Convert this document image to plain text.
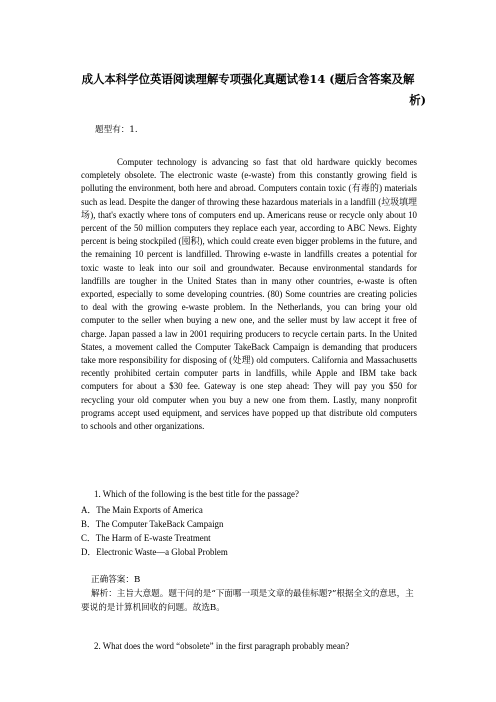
成人本科学位英语阅读理解专项强化真题试卷14 (题后含答案及解
析)
题型有：1.

Computer technology is advancing so fast that old hardware quickly becomes completely obsolete. The electronic waste (e-waste) from this constantly growing field is polluting the environment, both here and abroad. Computers contain toxic (有毒的) materials such as lead. Despite the danger of throwing these hazardous materials in a landfill (垃圾填埋场), that's exactly where tons of computers end up. Americans reuse or recycle only about 10 percent of the 50 million computers they replace each year, according to ABC News. Eighty percent is being stockpiled (囤积), which could create even bigger problems in the future, and the remaining 10 percent is landfilled. Throwing e-waste in landfills creates a potential for toxic waste to leak into our soil and groundwater. Because environmental standards for landfills are tougher in the United States than in many other countries, e-waste is often exported, especially to some developing countries. (80) Some countries are creating policies to deal with the growing e-waste problem. In the Netherlands, you can bring your old computer to the seller when buying a new one, and the seller must by law accept it free of charge. Japan passed a law in 2001 requiring producers to recycle certain parts. In the United States, a movement called the Computer TakeBack Campaign is demanding that producers take more responsibility for disposing of (处理) old computers. California and Massachusetts recently prohibited certain computer parts in landfills, while Apple and IBM take back computers for about a $30 fee. Gateway is one step ahead: They will pay you $50 for recycling your old computer when you buy a new one from them. Lastly, many nonprofit programs accept used equipment, and services have popped up that distribute old computers to schools and other organizations.

1. Which of the following is the best title for the passage?
A．The Main Exports of America
B．The Computer TakeBack Campaign
C．The Harm of E-waste Treatment
D．Electronic Waste—a Global Problem
正确答案：B
解析：主旨大意题。题干问的是“下面哪一项是文章的最佳标题?”根据全文的意思，主要说的是计算机回收的问题。故选B。
2. What does the word “obsolete” in the first paragraph probably mean?
